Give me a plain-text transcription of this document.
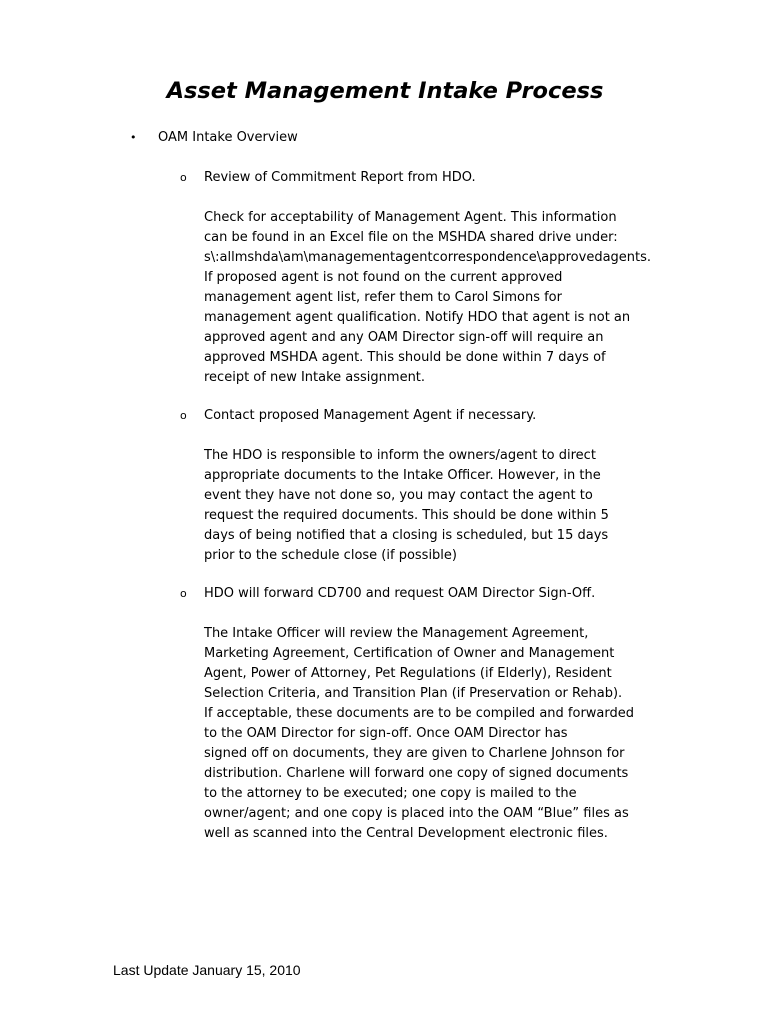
Asset Management Intake Process
• OAM Intake Overview
o Review of Commitment Report from HDO.
Check for acceptability of Management Agent. This information
can be found in an Excel file on the MSHDA shared drive under:
s\:allmshda\am\managementagentcorrespondence\approvedagents.
If proposed agent is not found on the current approved
management agent list, refer them to Carol Simons for
management agent qualification. Notify HDO that agent is not an
approved agent and any OAM Director sign-off will require an
approved MSHDA agent. This should be done within 7 days of
receipt of new Intake assignment.
o Contact proposed Management Agent if necessary.
The HDO is responsible to inform the owners/agent to direct
appropriate documents to the Intake Officer. However, in the
event they have not done so, you may contact the agent to
request the required documents. This should be done within 5
days of being notified that a closing is scheduled, but 15 days
prior to the schedule close (if possible)
o HDO will forward CD700 and request OAM Director Sign-Off.
The Intake Officer will review the Management Agreement,
Marketing Agreement, Certification of Owner and Management
Agent, Power of Attorney, Pet Regulations (if Elderly), Resident
Selection Criteria, and Transition Plan (if Preservation or Rehab).
If acceptable, these documents are to be compiled and forwarded
to the OAM Director for sign-off. Once OAM Director has
signed off on documents, they are given to Charlene Johnson for
distribution. Charlene will forward one copy of signed documents
to the attorney to be executed; one copy is mailed to the
owner/agent; and one copy is placed into the OAM “Blue” files as
well as scanned into the Central Development electronic files.
Last Update January 15, 2010
